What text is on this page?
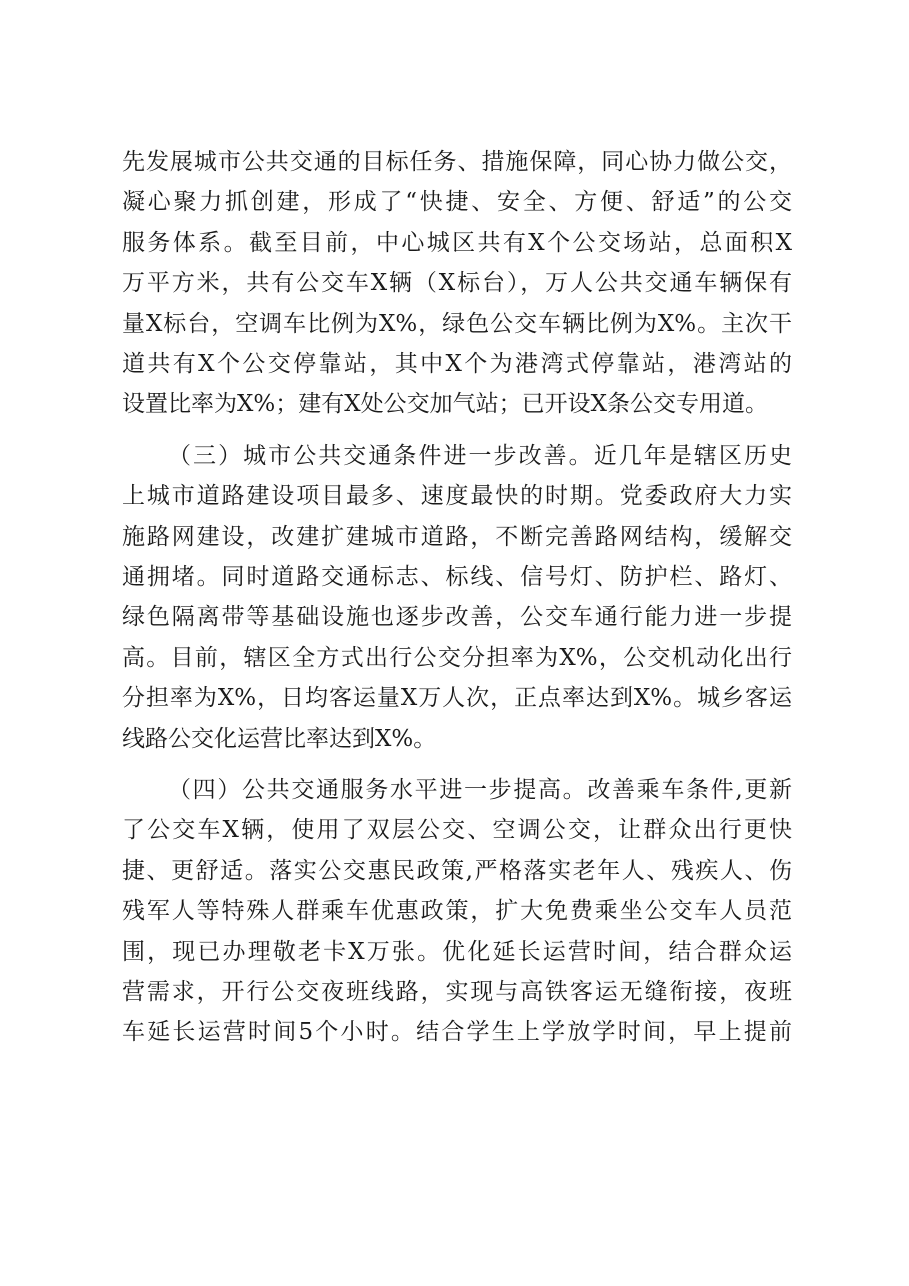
先发展城市公共交通的目标任务、措施保障，同心协力做公交，
凝心聚力抓创建，形成了“快捷、安全、方便、舒适”的公交
服务体系。截至目前，中心城区共有X个公交场站，总面积X
万平方米，共有公交车X辆（X标台），万人公共交通车辆保有
量X标台，空调车比例为X%，绿色公交车辆比例为X%。主次干
道共有X个公交停靠站，其中X个为港湾式停靠站，港湾站的
设置比率为X%；建有X处公交加气站；已开设X条公交专用道。
（三）城市公共交通条件进一步改善。近几年是辖区历史
上城市道路建设项目最多、速度最快的时期。党委政府大力实
施路网建设，改建扩建城市道路，不断完善路网结构，缓解交
通拥堵。同时道路交通标志、标线、信号灯、防护栏、路灯、
绿色隔离带等基础设施也逐步改善，公交车通行能力进一步提
高。目前，辖区全方式出行公交分担率为X%，公交机动化出行
分担率为X%，日均客运量X万人次，正点率达到X%。城乡客运
线路公交化运营比率达到X%。
（四）公共交通服务水平进一步提高。改善乘车条件,更新
了公交车X辆，使用了双层公交、空调公交，让群众出行更快
捷、更舒适。落实公交惠民政策,严格落实老年人、残疾人、伤
残军人等特殊人群乘车优惠政策，扩大免费乘坐公交车人员范
围，现已办理敬老卡X万张。优化延长运营时间，结合群众运
营需求，开行公交夜班线路，实现与高铁客运无缝衔接，夜班
车延长运营时间5个小时。结合学生上学放学时间，早上提前
